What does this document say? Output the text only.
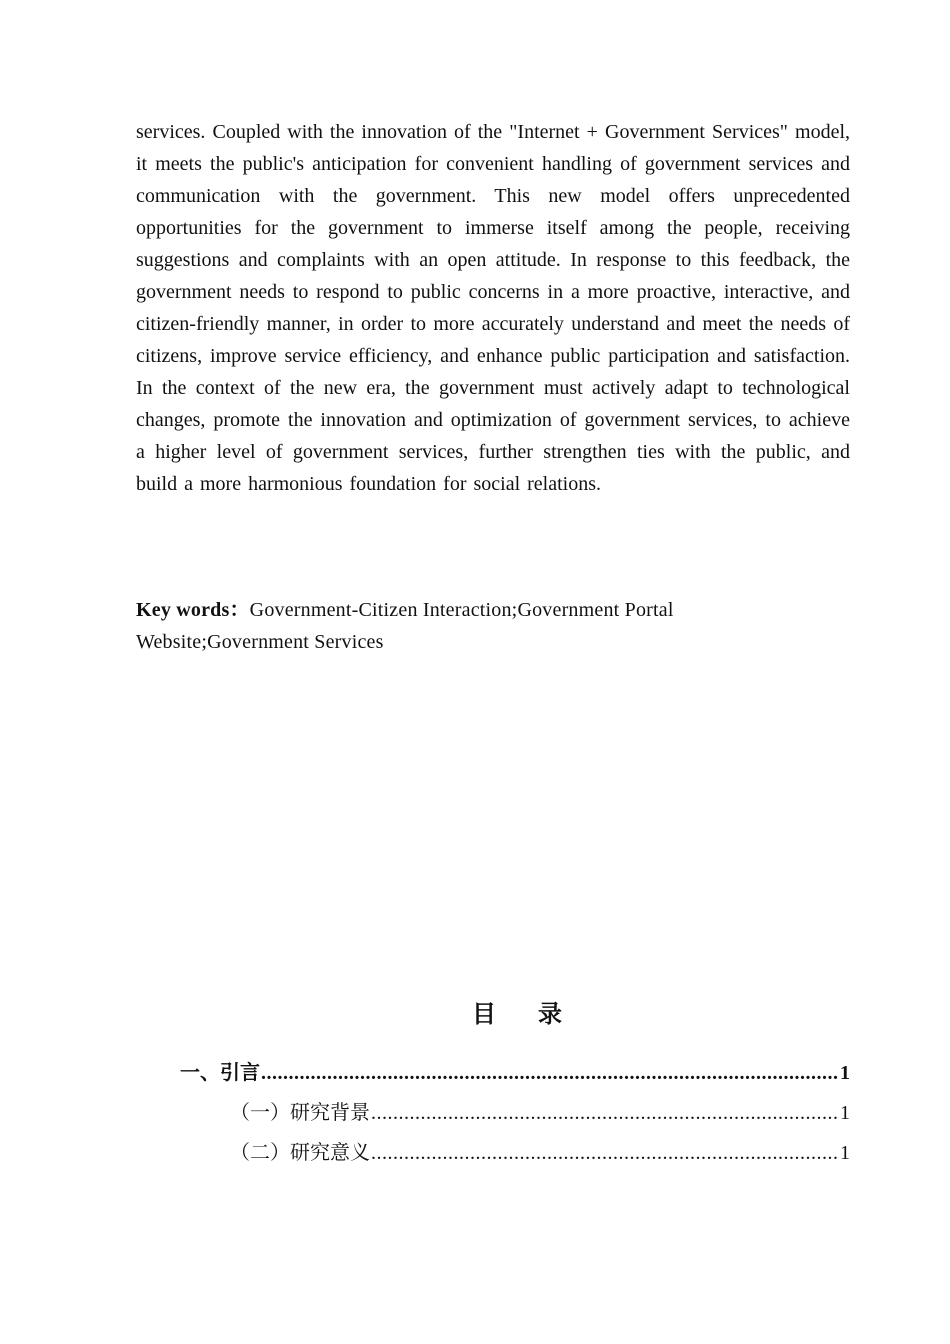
services. Coupled with the innovation of the "Internet + Government Services" model, it meets the public's anticipation for convenient handling of government services and communication with the government. This new model offers unprecedented opportunities for the government to immerse itself among the people, receiving suggestions and complaints with an open attitude. In response to this feedback, the government needs to respond to public concerns in a more proactive, interactive, and citizen-friendly manner, in order to more accurately understand and meet the needs of citizens, improve service efficiency, and enhance public participation and satisfaction. In the context of the new era, the government must actively adapt to technological changes, promote the innovation and optimization of government services, to achieve a higher level of government services, further strengthen ties with the public, and build a more harmonious foundation for social relations.
Key words：Government-Citizen Interaction;Government Portal Website;Government Services
目录
一、引言 .....	1
（一）研究背景 .....	1
（二）研究意义 .....	1
